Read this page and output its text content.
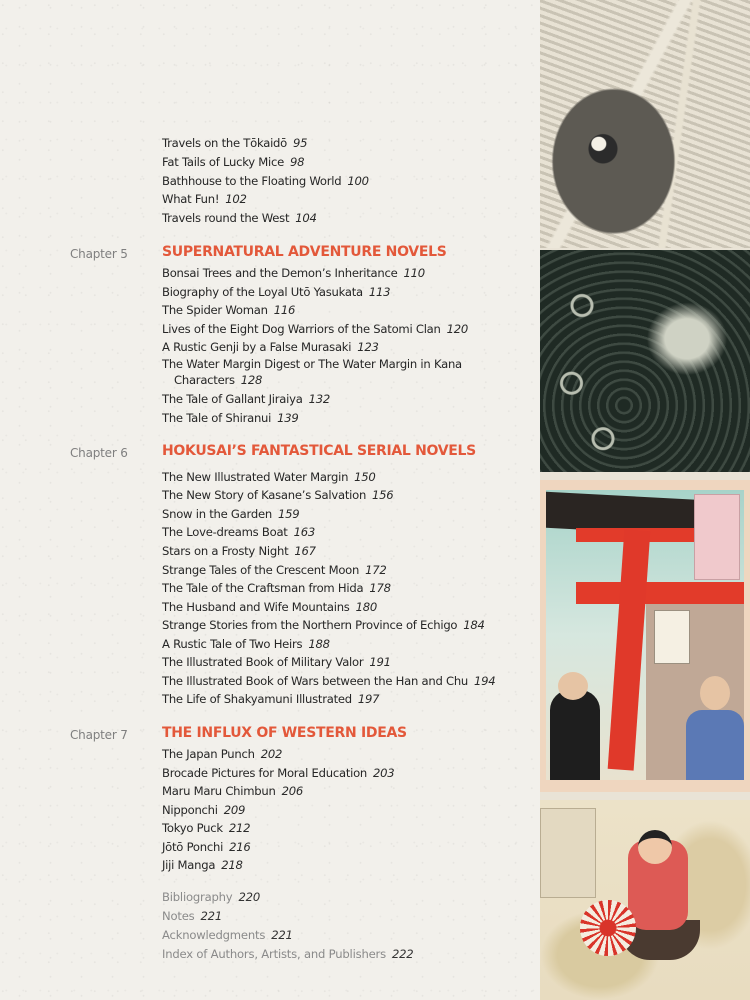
Travels on the Tōkaidō 95
Fat Tails of Lucky Mice 98
Bathhouse to the Floating World 100
What Fun! 102
Travels round the West 104
Chapter 5 SUPERNATURAL ADVENTURE NOVELS
Bonsai Trees and the Demon’s Inheritance 110
Biography of the Loyal Utō Yasukata 113
The Spider Woman 116
Lives of the Eight Dog Warriors of the Satomi Clan 120
A Rustic Genji by a False Murasaki 123
The Water Margin Digest or The Water Margin in Kana
Characters 128
The Tale of Gallant Jiraiya 132
The Tale of Shiranui 139
Chapter 6 HOKUSAI’S FANTASTICAL SERIAL NOVELS
The New Illustrated Water Margin 150
The New Story of Kasane’s Salvation 156
Snow in the Garden 159
The Love-dreams Boat 163
Stars on a Frosty Night 167
Strange Tales of the Crescent Moon 172
The Tale of the Craftsman from Hida 178
The Husband and Wife Mountains 180
Strange Stories from the Northern Province of Echigo 184
A Rustic Tale of Two Heirs 188
The Illustrated Book of Military Valor 191
The Illustrated Book of Wars between the Han and Chu 194
The Life of Shakyamuni Illustrated 197
Chapter 7 THE INFLUX OF WESTERN IDEAS
The Japan Punch 202
Brocade Pictures for Moral Education 203
Maru Maru Chimbun 206
Nipponchi 209
Tokyo Puck 212
Jōtō Ponchi 216
Jiji Manga 218
Bibliography 220
Notes 221
Acknowledgments 221
Index of Authors, Artists, and Publishers 222
